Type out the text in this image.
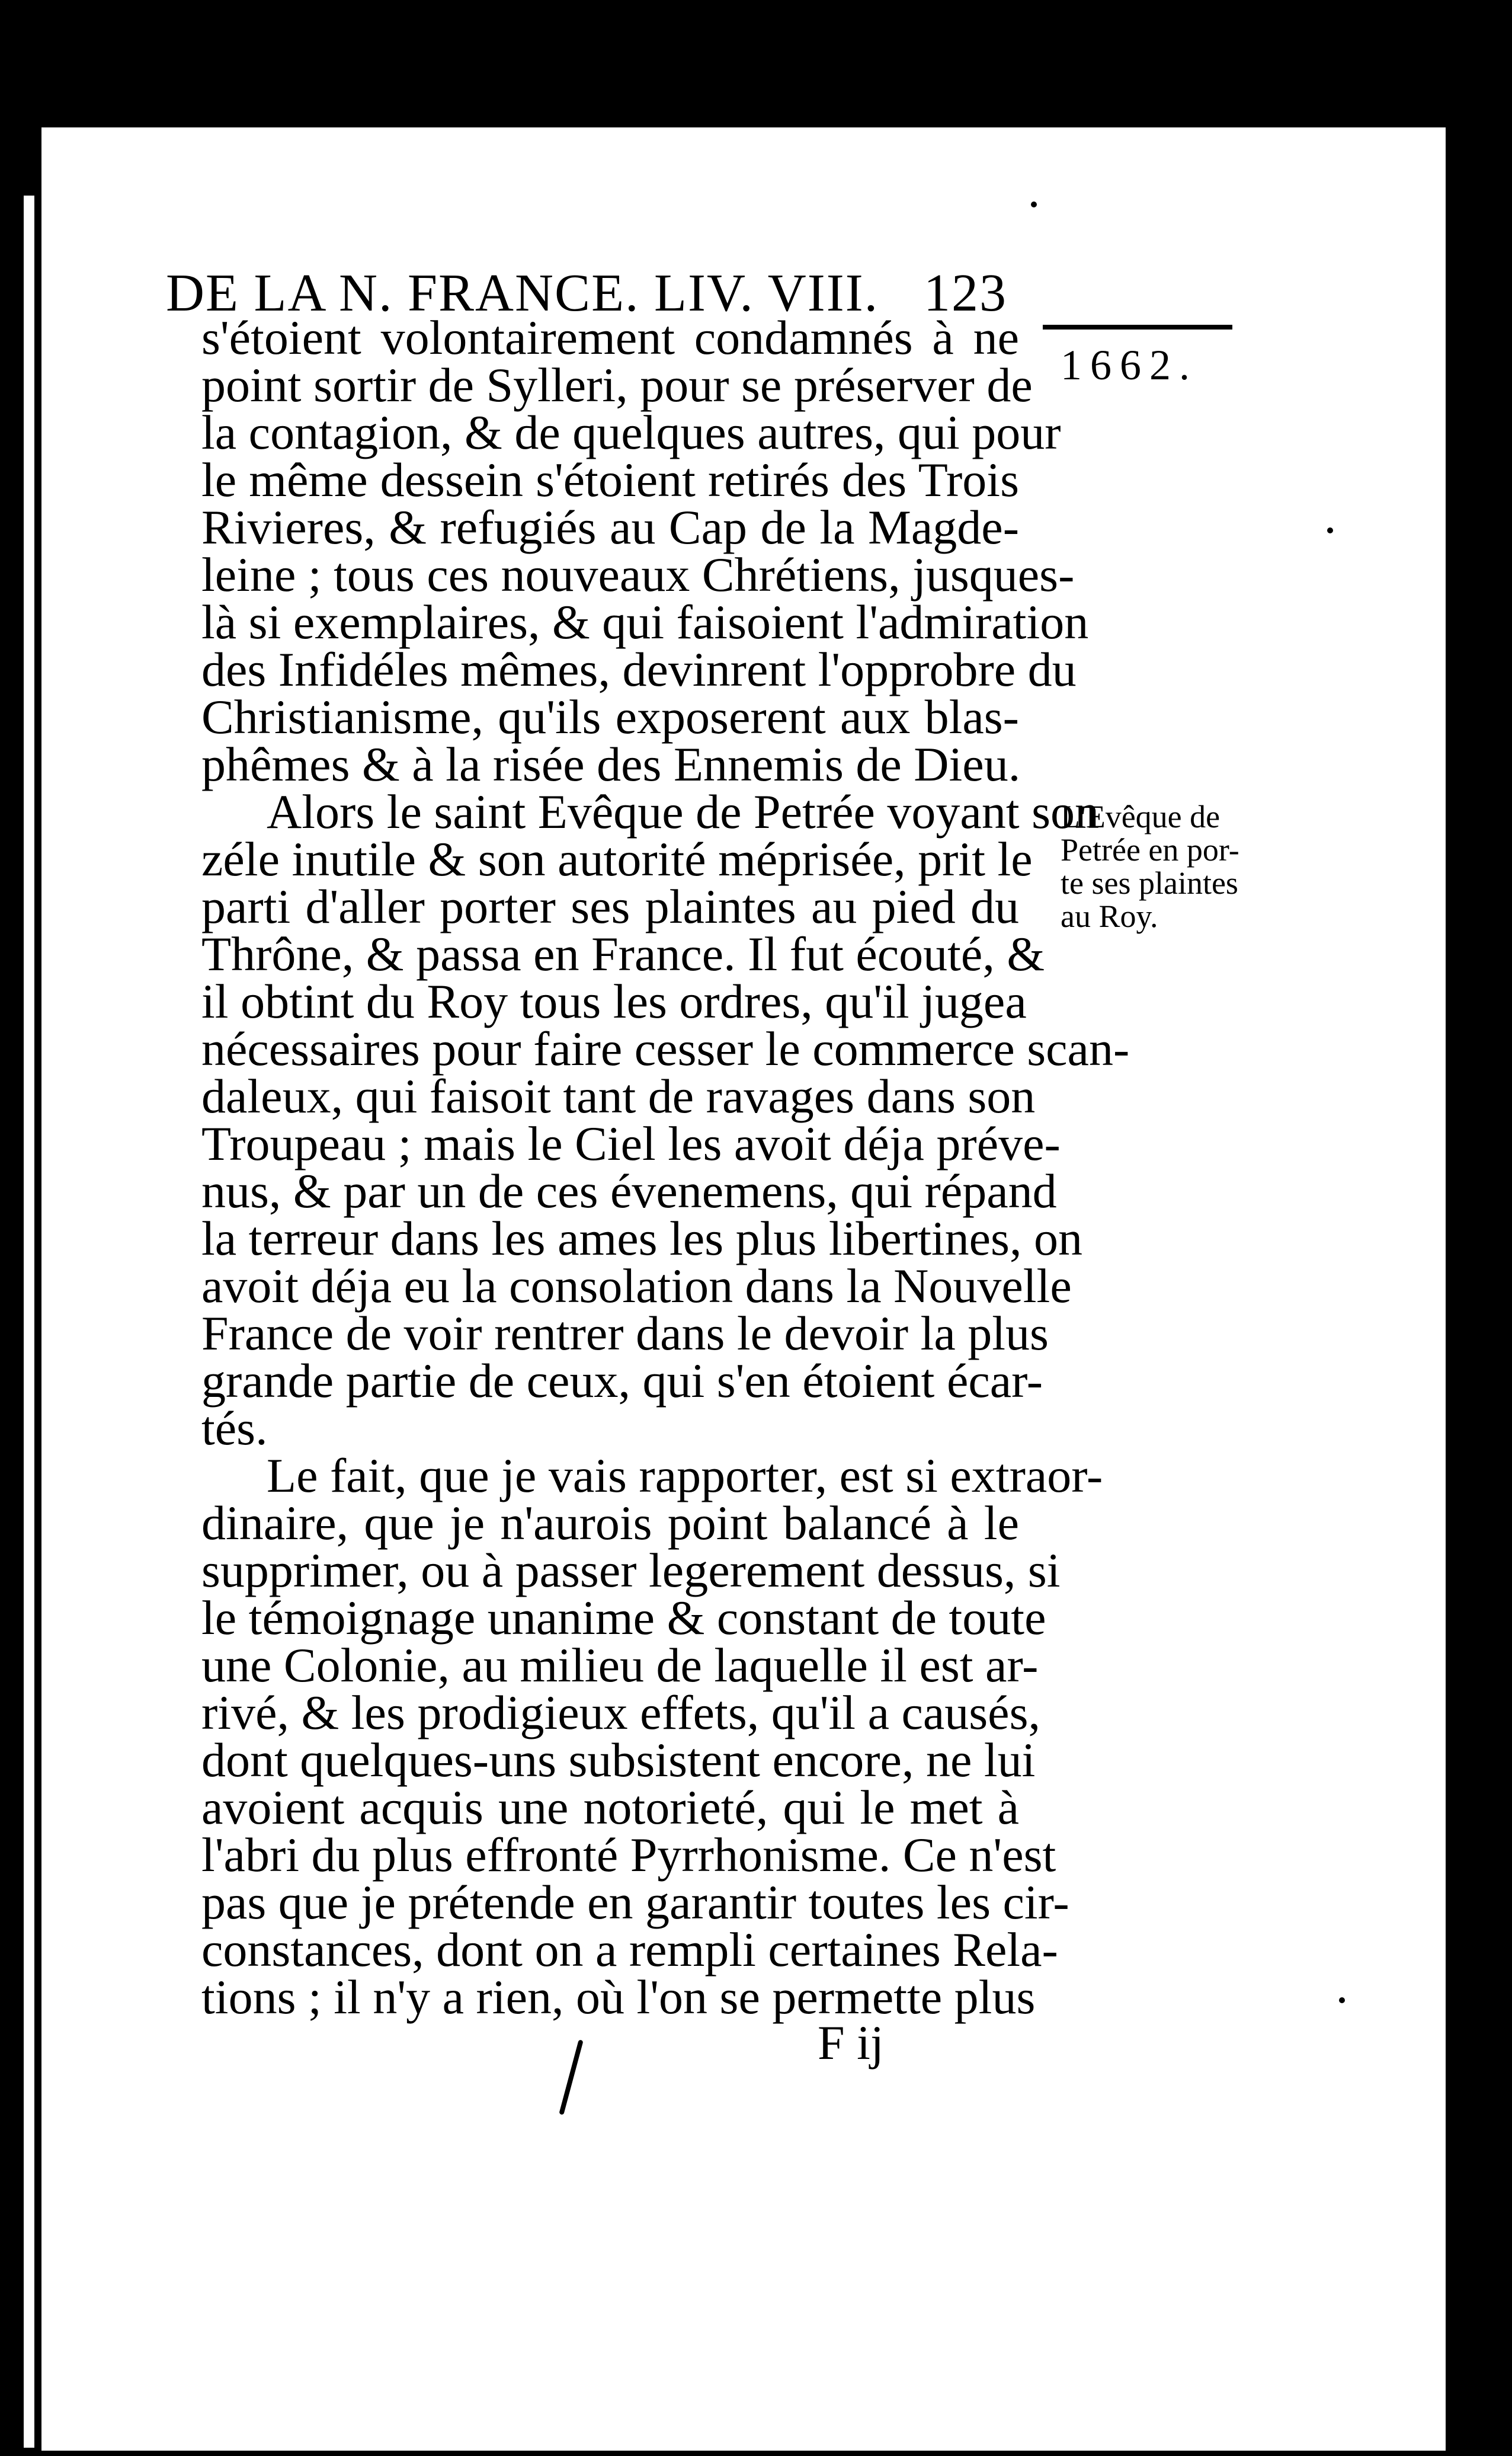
DE LA N. FRANCE. LIV. VIII. 123
1662.
L'Evêque de
Petrée en por-
te ses plaintes
au Roy.
s'étoient volontairement condamnés à ne
point sortir de Sylleri, pour se préserver de
la contagion, & de quelques autres, qui pour
le même dessein s'étoient retirés des Trois
Rivieres, & refugiés au Cap de la Magde-
leine ; tous ces nouveaux Chrétiens, jusques-
là si exemplaires, & qui faisoient l'admiration
des Infidéles mêmes, devinrent l'opprobre du
Christianisme, qu'ils exposerent aux blas-
phêmes & à la risée des Ennemis de Dieu.
Alors le saint Evêque de Petrée voyant son
zéle inutile & son autorité méprisée, prit le
parti d'aller porter ses plaintes au pied du
Thrône, & passa en France. Il fut écouté, &
il obtint du Roy tous les ordres, qu'il jugea
nécessaires pour faire cesser le commerce scan-
daleux, qui faisoit tant de ravages dans son
Troupeau ; mais le Ciel les avoit déja préve-
nus, & par un de ces évenemens, qui répand
la terreur dans les ames les plus libertines, on
avoit déja eu la consolation dans la Nouvelle
France de voir rentrer dans le devoir la plus
grande partie de ceux, qui s'en étoient écar-
tés.
Le fait, que je vais rapporter, est si extraor-
dinaire, que je n'aurois point balancé à le
supprimer, ou à passer legerement dessus, si
le témoignage unanime & constant de toute
une Colonie, au milieu de laquelle il est ar-
rivé, & les prodigieux effets, qu'il a causés,
dont quelques-uns subsistent encore, ne lui
avoient acquis une notorieté, qui le met à
l'abri du plus effronté Pyrrhonisme. Ce n'est
pas que je prétende en garantir toutes les cir-
constances, dont on a rempli certaines Rela-
tions ; il n'y a rien, où l'on se permette plus
F ij
